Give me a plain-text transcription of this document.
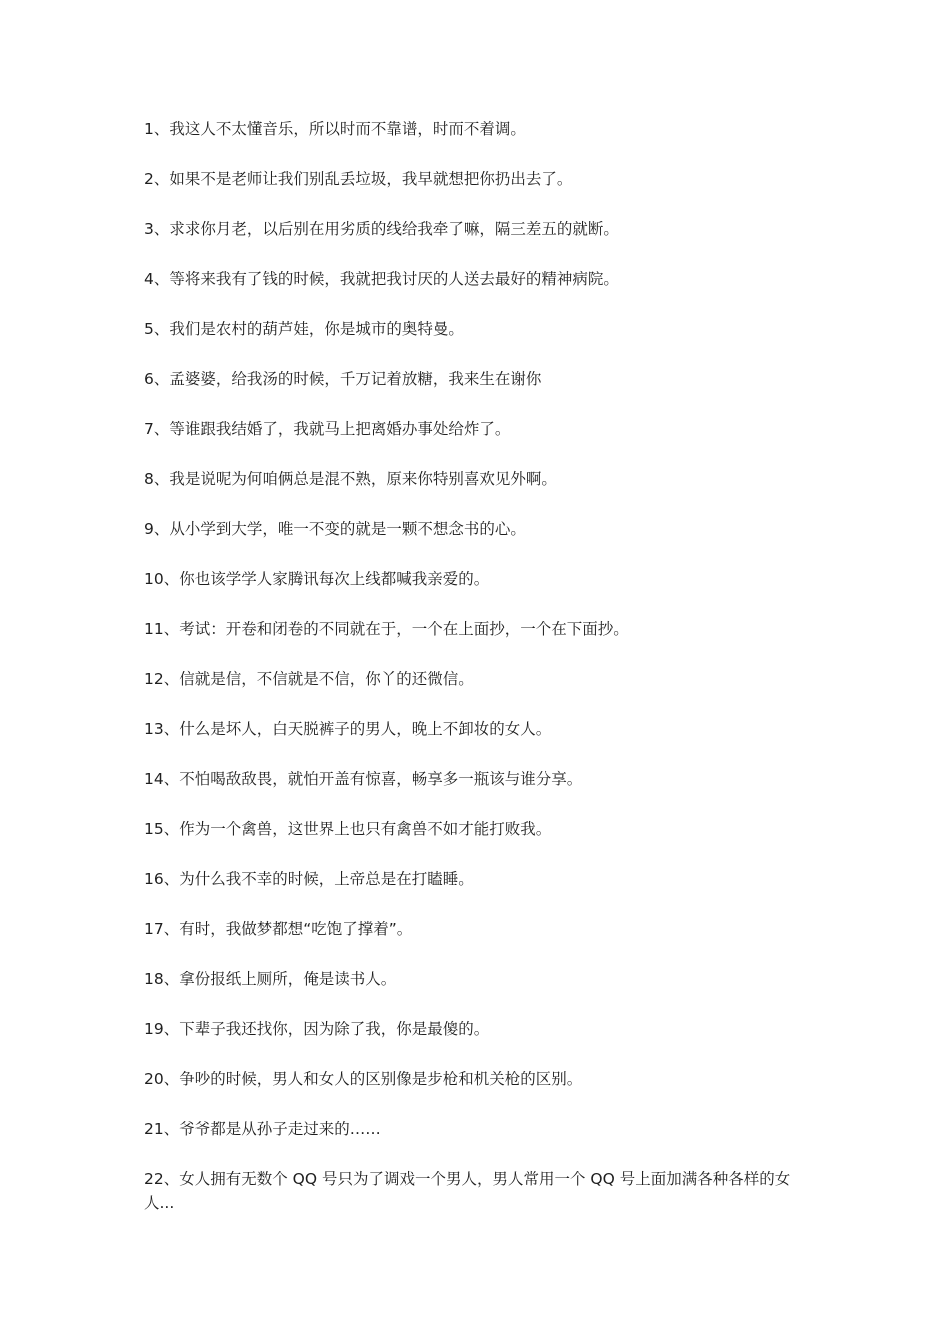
1、我这人不太懂音乐，所以时而不靠谱，时而不着调。

2、如果不是老师让我们别乱丢垃圾，我早就想把你扔出去了。

3、求求你月老，以后别在用劣质的线给我牵了嘛，隔三差五的就断。

4、等将来我有了钱的时候，我就把我讨厌的人送去最好的精神病院。

5、我们是农村的葫芦娃，你是城市的奥特曼。

6、孟婆婆，给我汤的时候，千万记着放糖，我来生在谢你

7、等谁跟我结婚了，我就马上把离婚办事处给炸了。

8、我是说呢为何咱俩总是混不熟，原来你特别喜欢见外啊。

9、从小学到大学，唯一不变的就是一颗不想念书的心。

10、你也该学学人家腾讯每次上线都喊我亲爱的。

11、考试：开卷和闭卷的不同就在于，一个在上面抄，一个在下面抄。

12、信就是信，不信就是不信，你丫的还微信。

13、什么是坏人，白天脱裤子的男人，晚上不卸妆的女人。

14、不怕喝敌敌畏，就怕开盖有惊喜，畅享多一瓶该与谁分享。

15、作为一个禽兽，这世界上也只有禽兽不如才能打败我。

16、为什么我不幸的时候，上帝总是在打瞌睡。

17、有时，我做梦都想“吃饱了撑着”。

18、拿份报纸上厕所，俺是读书人。

19、下辈子我还找你，因为除了我，你是最傻的。

20、争吵的时候，男人和女人的区别像是步枪和机关枪的区别。

21、爷爷都是从孙子走过来的……

22、女人拥有无数个 QQ 号只为了调戏一个男人，男人常用一个 QQ 号上面加满各种各样的女人...
